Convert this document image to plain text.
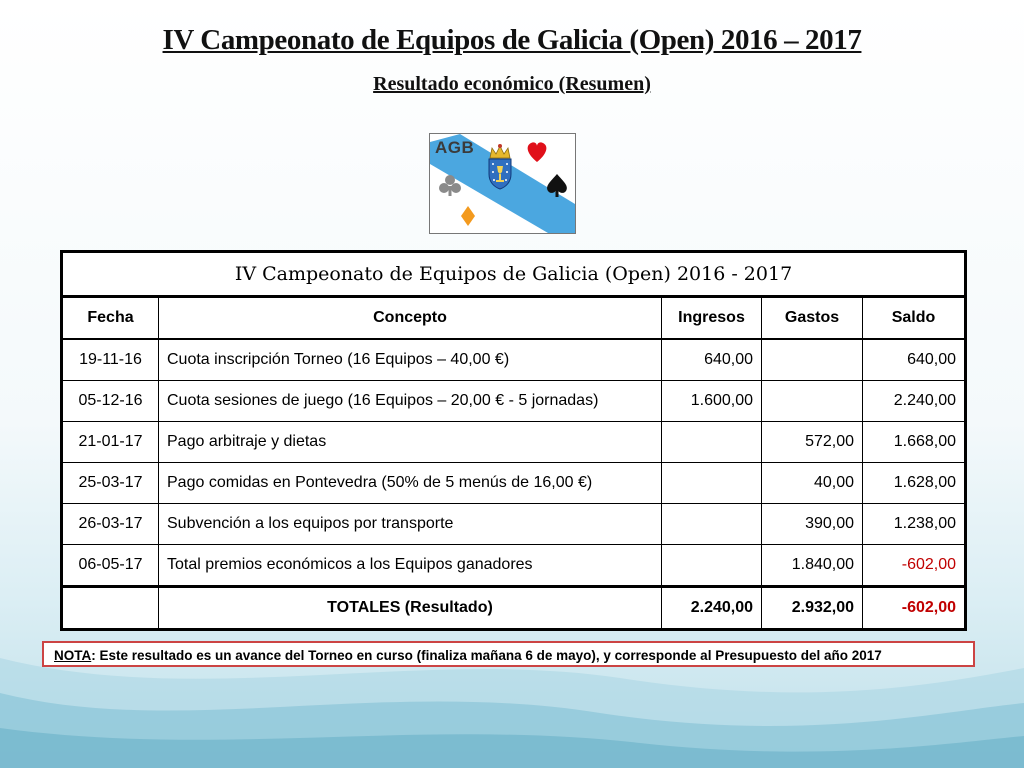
IV Campeonato de Equipos de Galicia (Open) 2016 – 2017
Resultado económico (Resumen)
AGB
IV Campeonato de Equipos de Galicia (Open) 2016 - 2017				
Fecha	Concepto	Ingresos	Gastos	Saldo
19-11-16	Cuota inscripción Torneo (16 Equipos – 40,00 €)	640,00		640,00
05-12-16	Cuota sesiones de juego (16 Equipos – 20,00 € - 5 jornadas)	1.600,00		2.240,00
21-01-17	Pago arbitraje y dietas		572,00	1.668,00
25-03-17	Pago comidas en Pontevedra (50% de 5 menús de 16,00 €)		40,00	1.628,00
26-03-17	Subvención a los equipos por transporte		390,00	1.238,00
06-05-17	Total premios económicos a los Equipos ganadores		1.840,00	-602,00
	TOTALES (Resultado)	2.240,00	2.932,00	-602,00
NOTA: Este resultado es un avance del Torneo en curso (finaliza mañana 6 de mayo), y corresponde al Presupuesto del año 2017
